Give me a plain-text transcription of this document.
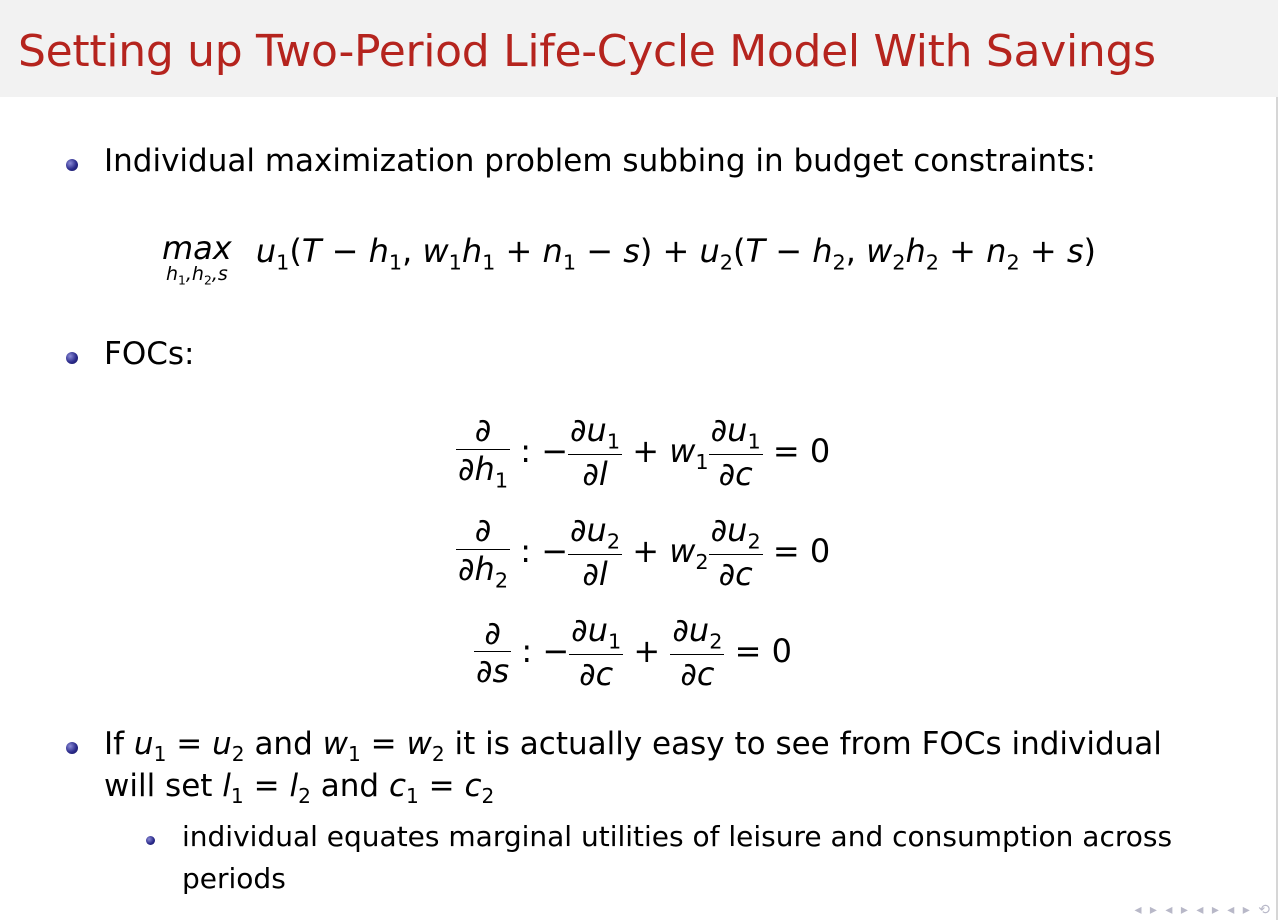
Setting up Two-Period Life-Cycle Model With Savings
Individual maximization problem subbing in budget constraints:
max
$h_1,h_2,s$
$u_1(T - h_1$, $w_1h_1 + n_1 - s) + u_2(T - h_2$, $w_2h_2 + n_2 + s$)
FOCs:
$\frac{\partial}{\partial h_1}$ : − $\frac{\partial u_1}{\partial l} + w_1 \frac{\partial u_1}{\partial c} = 0$
$\frac{\partial}{\partial h_2}$ : − $\frac{\partial u_2}{\partial l} + w_2 \frac{\partial u_2}{\partial c} = 0$
$\frac{\partial}{\partial s}$ : − $\frac{\partial u_1}{\partial c} + \frac{\partial u_2}{\partial c} = 0$
If $u_1 = u_2$ and $w_1 = w_2$ it is actually easy to see from FOCs individual
will set $l_1 = l_2$ and $c_1 = c_2$
individual equates marginal utilities of leisure and consumption across
periods
◂ ▸ ◂ ▸ ◂ ▸ ◂ ▸ ⟲
